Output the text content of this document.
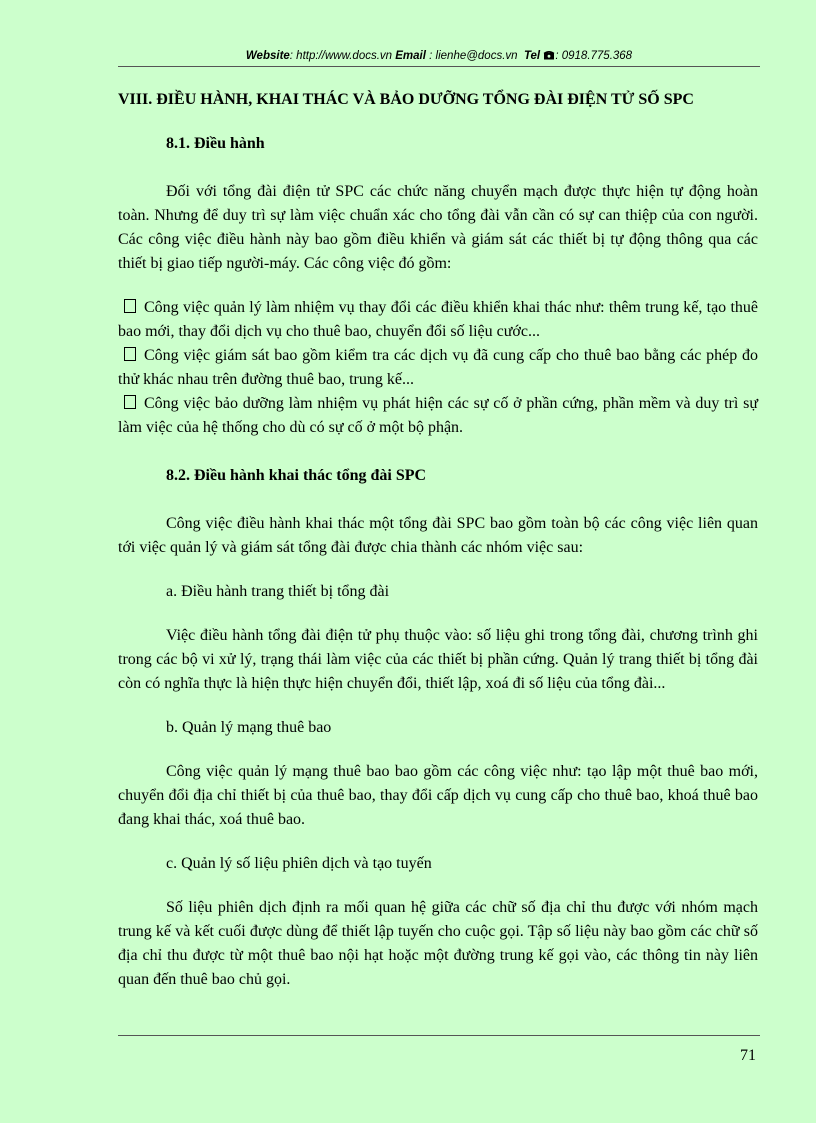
Website: http://www.docs.vn Email : lienhe@docs.vn Tel : 0918.775.368
VIII. ĐIỀU HÀNH, KHAI THÁC VÀ BẢO DƯỠNG TỔNG ĐÀI ĐIỆN TỬ SỐ SPC
8.1. Điều hành
Đối với tổng đài điện tử SPC các chức năng chuyển mạch được thực hiện tự động hoàn toàn. Nhưng để duy trì sự làm việc chuẩn xác cho tổng đài vẫn cần có sự can thiệp của con người. Các công việc điều hành này bao gồm điều khiển và giám sát các thiết bị tự động thông qua các thiết bị giao tiếp người-máy. Các công việc đó gồm:
Công việc quản lý làm nhiệm vụ thay đổi các điều khiển khai thác như: thêm trung kế, tạo thuê bao mới, thay đổi dịch vụ cho thuê bao, chuyển đổi số liệu cước...
Công việc giám sát bao gồm kiểm tra các dịch vụ đã cung cấp cho thuê bao bằng các phép đo thử khác nhau trên đường thuê bao, trung kế...
Công việc bảo dưỡng làm nhiệm vụ phát hiện các sự cố ở phần cứng, phần mềm và duy trì sự làm việc của hệ thống cho dù có sự cố ở một bộ phận.
8.2. Điều hành khai thác tổng đài SPC
Công việc điều hành khai thác một tổng đài SPC bao gồm toàn bộ các công việc liên quan tới việc quản lý và giám sát tổng đài được chia thành các nhóm việc sau:
a. Điều hành trang thiết bị tổng đài
Việc điều hành tổng đài điện tử phụ thuộc vào: số liệu ghi trong tổng đài, chương trình ghi trong các bộ vi xử lý, trạng thái làm việc của các thiết bị phần cứng. Quản lý trang thiết bị tổng đài còn có nghĩa thực là hiện thực hiện chuyển đổi, thiết lập, xoá đi số liệu của tổng đài...
b. Quản lý mạng thuê bao
Công việc quản lý mạng thuê bao bao gồm các công việc như: tạo lập một thuê bao mới, chuyển đổi địa chỉ thiết bị của thuê bao, thay đổi cấp dịch vụ cung cấp cho thuê bao, khoá thuê bao đang khai thác, xoá thuê bao.
c. Quản lý số liệu phiên dịch và tạo tuyến
Số liệu phiên dịch định ra mối quan hệ giữa các chữ số địa chỉ thu được với nhóm mạch trung kế và kết cuối được dùng để thiết lập tuyến cho cuộc gọi. Tập số liệu này bao gồm các chữ số địa chỉ thu được từ một thuê bao nội hạt hoặc một đường trung kế gọi vào, các thông tin này liên quan đến thuê bao chủ gọi.
71
